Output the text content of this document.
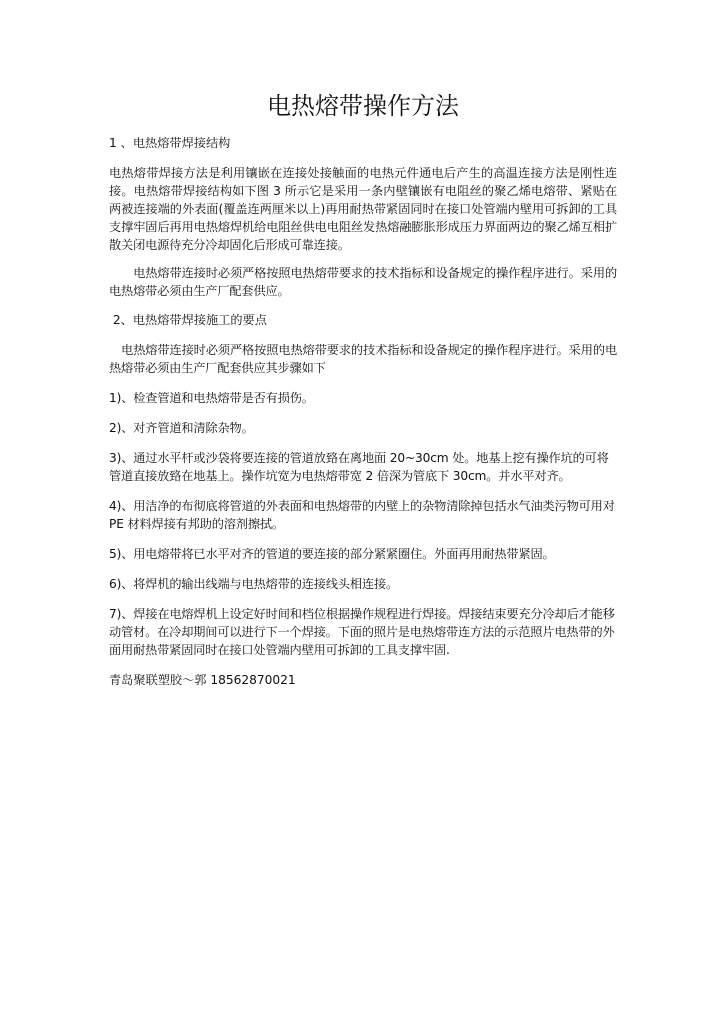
电热熔带操作方法
1 、电热熔带焊接结构

电热熔带焊接方法是利用镶嵌在连接处接触面的电热元件通电后产生的高温连接方法是刚性连接。电热熔带焊接结构如下图 3 所示它是采用一条内壁镶嵌有电阻丝的聚乙烯电熔带、紧贴在两被连接端的外表面(覆盖连两厘米以上)再用耐热带紧固同时在接口处管端内壁用可拆卸的工具支撑牢固后再用电热熔焊机给电阻丝供电电阻丝发热熔融膨胀形成压力界面两边的聚乙烯互相扩散关闭电源待充分冷却固化后形成可靠连接。

　　电热熔带连接时必须严格按照电热熔带要求的技术指标和设备规定的操作程序进行。采用的电热熔带必须由生产厂配套供应。

2、电热熔带焊接施工的要点

　电热熔带连接时必须严格按照电热熔带要求的技术指标和设备规定的操作程序进行。采用的电热熔带必须由生产厂配套供应其步骤如下

1)、检查管道和电热熔带是否有损伤。
2)、对齐管道和清除杂物。
3)、通过水平杆或沙袋将要连接的管道放臵在离地面 20~30cm 处。地基上挖有操作坑的可将管道直接放臵在地基上。操作坑宽为电热熔带宽 2 倍深为管底下 30cm。并水平对齐。
4)、用洁净的布彻底将管道的外表面和电热熔带的内壁上的杂物清除掉包括水气油类污物可用对 PE 材料焊接有邦助的溶剂擦拭。
5)、用电熔带将已水平对齐的管道的要连接的部分紧紧圈住。外面再用耐热带紧固。
6)、将焊机的输出线端与电热熔带的连接线头相连接。
7)、焊接在电熔焊机上设定好时间和档位根据操作规程进行焊接。焊接结束要充分冷却后才能移动管材。在冷却期间可以进行下一个焊接。下面的照片是电热熔带连方法的示范照片电热带的外面用耐热带紧固同时在接口处管端内壁用可拆卸的工具支撑牢固.
青岛聚联塑胶～郭 18562870021
